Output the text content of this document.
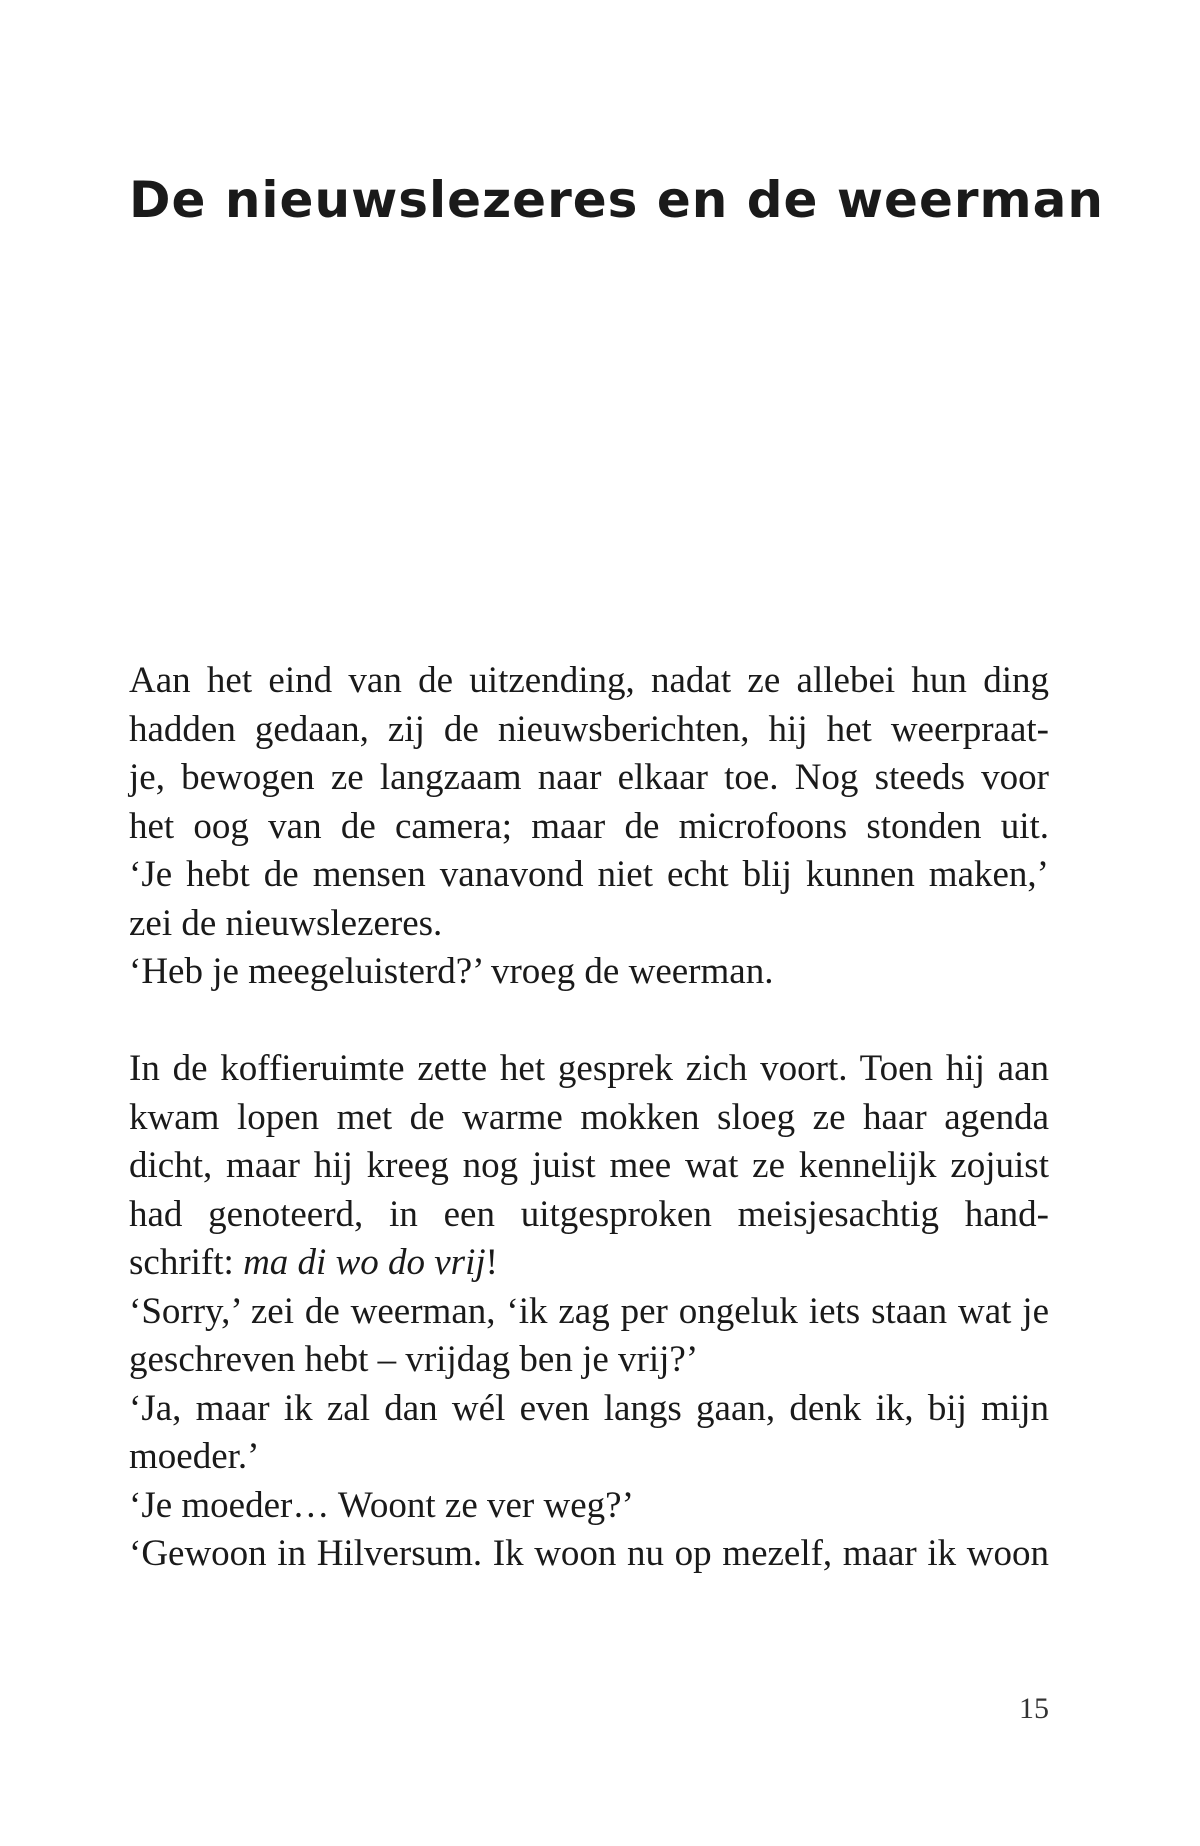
De nieuwslezeres en de weerman
Aan het eind van de uitzending, nadat ze allebei hun ding
hadden gedaan, zij de nieuwsberichten, hij het weerpraat-
je, bewogen ze langzaam naar elkaar toe. Nog steeds voor
het oog van de camera; maar de microfoons stonden uit.
‘Je hebt de mensen vanavond niet echt blij kunnen maken,’
zei de nieuwslezeres.
‘Heb je meegeluisterd?’ vroeg de weerman.
In de koffieruimte zette het gesprek zich voort. Toen hij aan
kwam lopen met de warme mokken sloeg ze haar agenda
dicht, maar hij kreeg nog juist mee wat ze kennelijk zojuist
had genoteerd, in een uitgesproken meisjesachtig hand-
schrift: ma di wo do vrij!
‘Sorry,’ zei de weerman, ‘ik zag per ongeluk iets staan wat je
geschreven hebt – vrijdag ben je vrij?’
‘Ja, maar ik zal dan wél even langs gaan, denk ik, bij mijn
moeder.’
‘Je moeder… Woont ze ver weg?’
‘Gewoon in Hilversum. Ik woon nu op mezelf, maar ik woon
15
